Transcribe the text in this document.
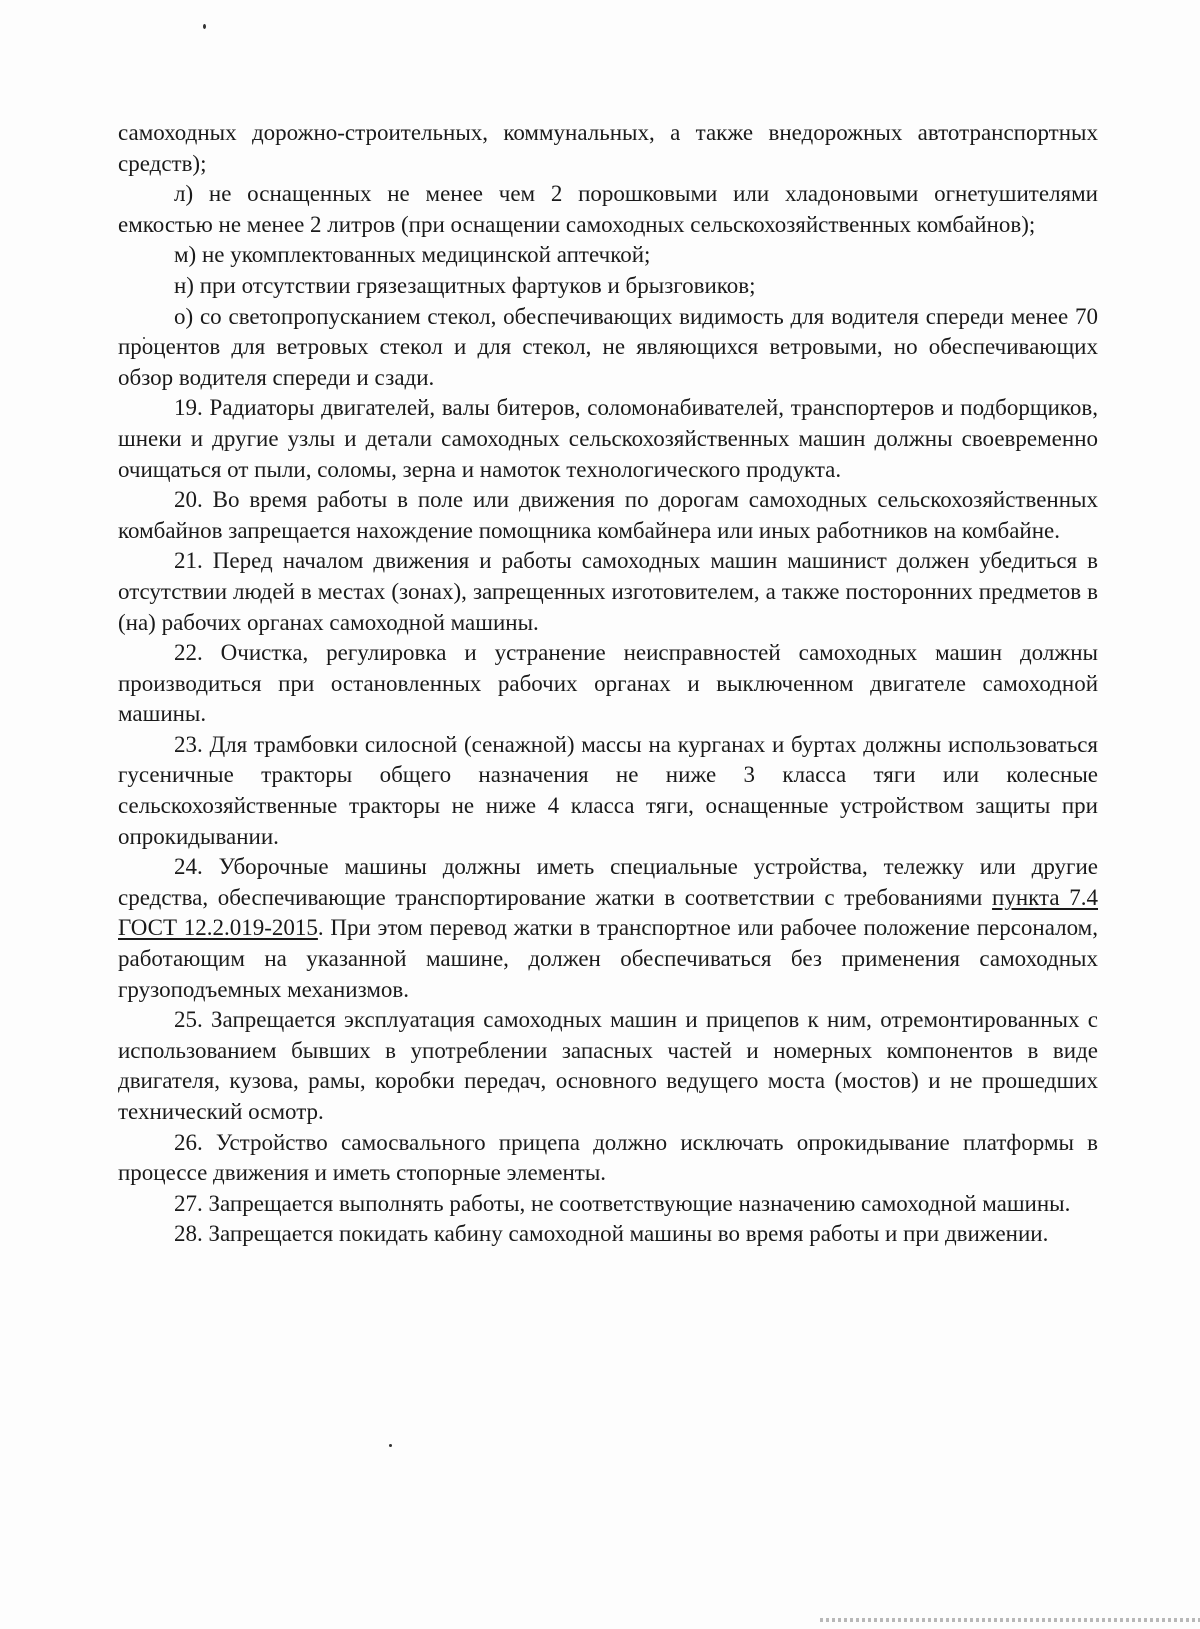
самоходных дорожно-строительных, коммунальных, а также внедорожных автотранспортных средств);

л) не оснащенных не менее чем 2 порошковыми или хладоновыми огнетушителями емкостью не менее 2 литров (при оснащении самоходных сельскохозяйственных комбайнов);

м) не укомплектованных медицинской аптечкой;

н) при отсутствии грязезащитных фартуков и брызговиков;

о) со светопропусканием стекол, обеспечивающих видимость для водителя спереди менее 70 процентов для ветровых стекол и для стекол, не являющихся ветровыми, но обеспечивающих обзор водителя спереди и сзади.

19. Радиаторы двигателей, валы битеров, соломонабивателей, транспортеров и подборщиков, шнеки и другие узлы и детали самоходных сельскохозяйственных машин должны своевременно очищаться от пыли, соломы, зерна и намоток технологического продукта.

20. Во время работы в поле или движения по дорогам самоходных сельскохозяйственных комбайнов запрещается нахождение помощника комбайнера или иных работников на комбайне.

21. Перед началом движения и работы самоходных машин машинист должен убедиться в отсутствии людей в местах (зонах), запрещенных изготовителем, а также посторонних предметов в (на) рабочих органах самоходной машины.

22. Очистка, регулировка и устранение неисправностей самоходных машин должны производиться при остановленных рабочих органах и выключенном двигателе самоходной машины.

23. Для трамбовки силосной (сенажной) массы на курганах и буртах должны использоваться гусеничные тракторы общего назначения не ниже 3 класса тяги или колесные сельскохозяйственные тракторы не ниже 4 класса тяги, оснащенные устройством защиты при опрокидывании.

24. Уборочные машины должны иметь специальные устройства, тележку или другие средства, обеспечивающие транспортирование жатки в соответствии с требованиями пункта 7.4 ГОСТ 12.2.019-2015. При этом перевод жатки в транспортное или рабочее положение персоналом, работающим на указанной машине, должен обеспечиваться без применения самоходных грузоподъемных механизмов.

25. Запрещается эксплуатация самоходных машин и прицепов к ним, отремонтированных с использованием бывших в употреблении запасных частей и номерных компонентов в виде двигателя, кузова, рамы, коробки передач, основного ведущего моста (мостов) и не прошедших технический осмотр.

26. Устройство самосвального прицепа должно исключать опрокидывание платформы в процессе движения и иметь стопорные элементы.

27. Запрещается выполнять работы, не соответствующие назначению самоходной машины.

28. Запрещается покидать кабину самоходной машины во время работы и при движении.
